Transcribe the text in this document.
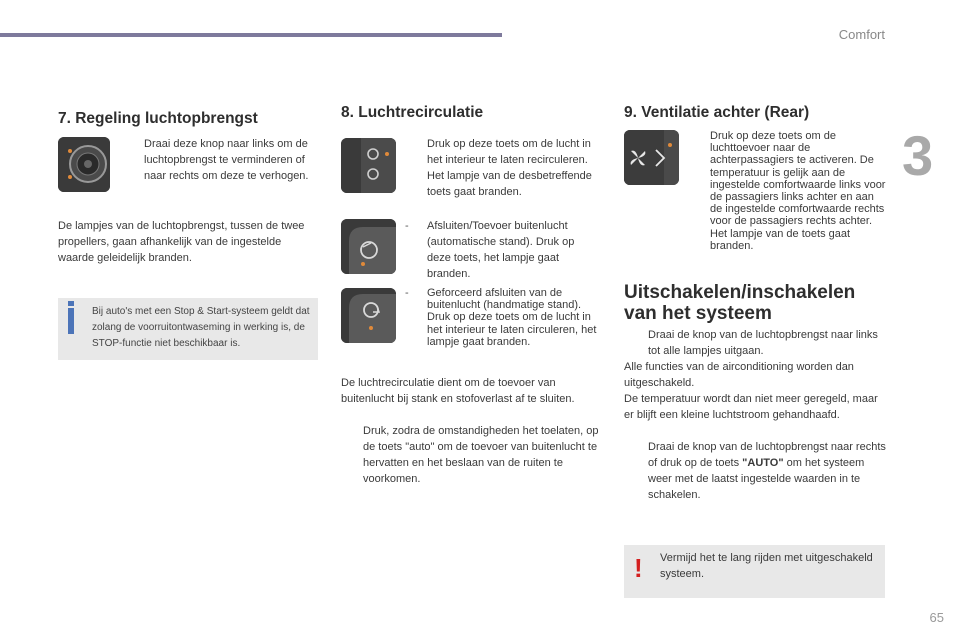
Comfort
3
65
7. Regeling luchtopbrengst
Draai deze knop naar links om de luchtopbrengst te verminderen of naar rechts om deze te verhogen.
De lampjes van de luchtopbrengst, tussen de twee propellers, gaan afhankelijk van de ingestelde waarde geleidelijk branden.
Bij auto's met een Stop & Start-systeem geldt dat zolang de voorruitontwaseming in werking is, de STOP-functie niet beschikbaar is.
8. Luchtrecirculatie
Druk op deze toets om de lucht in het interieur te laten recirculeren. Het lampje van de desbetreffende toets gaat branden.
-	Afsluiten/Toevoer buitenlucht (automatische stand). Druk op deze toets, het lampje gaat branden.
-	Geforceerd afsluiten van de buitenlucht (handmatige stand). Druk op deze toets om de lucht in het interieur te laten circuleren, het lampje gaat branden.
De luchtrecirculatie dient om de toevoer van buitenlucht bij stank en stofoverlast af te sluiten.
Druk, zodra de omstandigheden het toelaten, op de toets "auto" om de toevoer van buitenlucht te hervatten en het beslaan van de ruiten te voorkomen.
9. Ventilatie achter (Rear)
Druk op deze toets om de luchttoevoer naar de achterpassagiers te activeren. De temperatuur is gelijk aan de ingestelde comfortwaarde links voor de passagiers links achter en aan de ingestelde comfortwaarde rechts voor de passagiers rechts achter. Het lampje van de toets gaat branden.
Uitschakelen/inschakelen van het systeem
Draai de knop van de luchtopbrengst naar links tot alle lampjes uitgaan.
Alle functies van de airconditioning worden dan uitgeschakeld.
De temperatuur wordt dan niet meer geregeld, maar er blijft een kleine luchtstroom gehandhaafd.
Draai de knop van de luchtopbrengst naar rechts of druk op de toets "AUTO" om het systeem weer met de laatst ingestelde waarden in te schakelen.
! Vermijd het te lang rijden met uitgeschakeld systeem.
